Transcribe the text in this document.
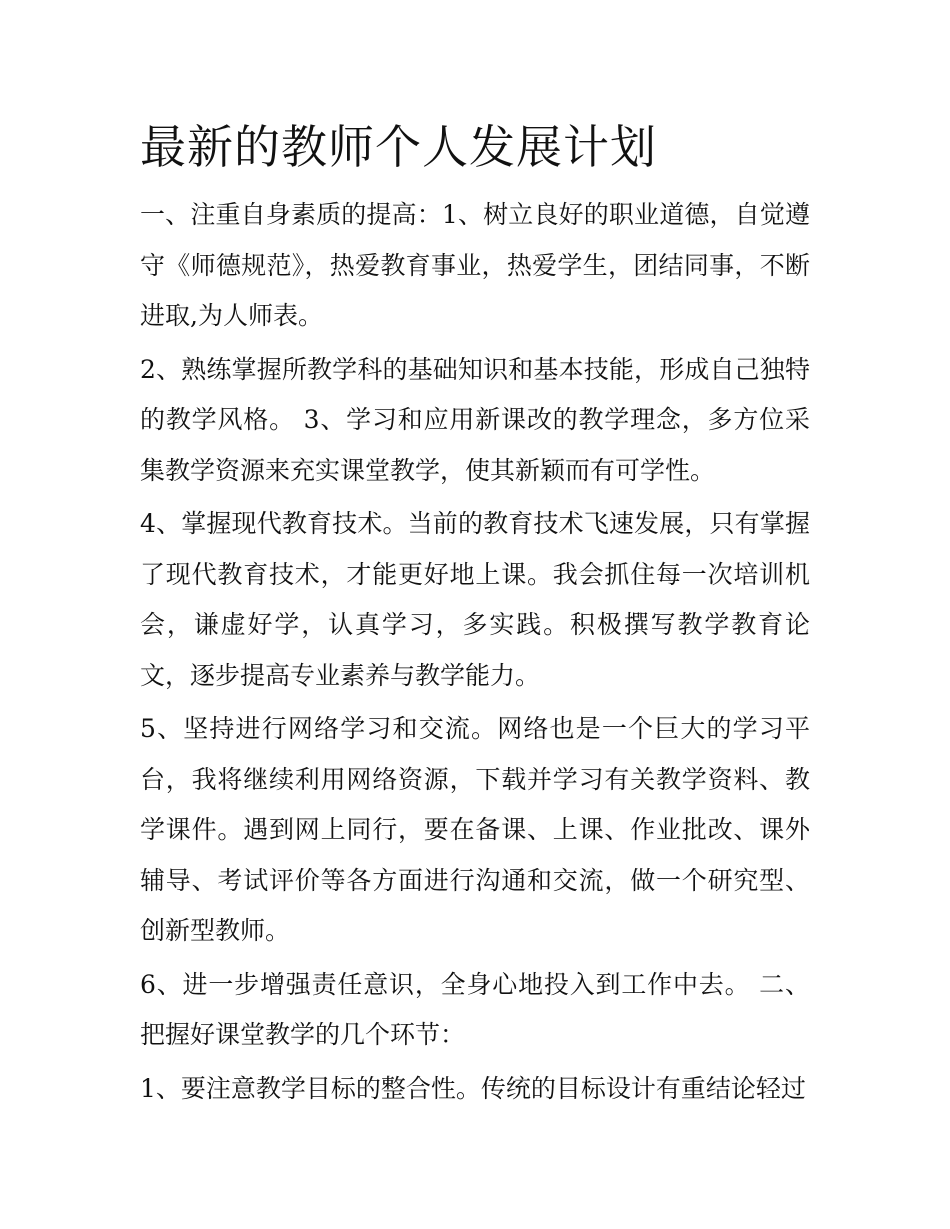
最新的教师个人发展计划

一、注重自身素质的提高：1、树立良好的职业道德，自觉遵守《师德规范》，热爱教育事业，热爱学生，团结同事，不断进取,为人师表。

2、熟练掌握所教学科的基础知识和基本技能，形成自己独特的教学风格。 3、学习和应用新课改的教学理念，多方位采集教学资源来充实课堂教学，使其新颖而有可学性。

4、掌握现代教育技术。当前的教育技术飞速发展，只有掌握了现代教育技术，才能更好地上课。我会抓住每一次培训机会，谦虚好学，认真学习，多实践。积极撰写教学教育论文，逐步提高专业素养与教学能力。

5、坚持进行网络学习和交流。网络也是一个巨大的学习平台，我将继续利用网络资源，下载并学习有关教学资料、教学课件。遇到网上同行，要在备课、上课、作业批改、课外辅导、考试评价等各方面进行沟通和交流，做一个研究型、创新型教师。

6、进一步增强责任意识，全身心地投入到工作中去。 二、把握好课堂教学的几个环节：

1、要注意教学目标的整合性。传统的目标设计有重结论轻过
